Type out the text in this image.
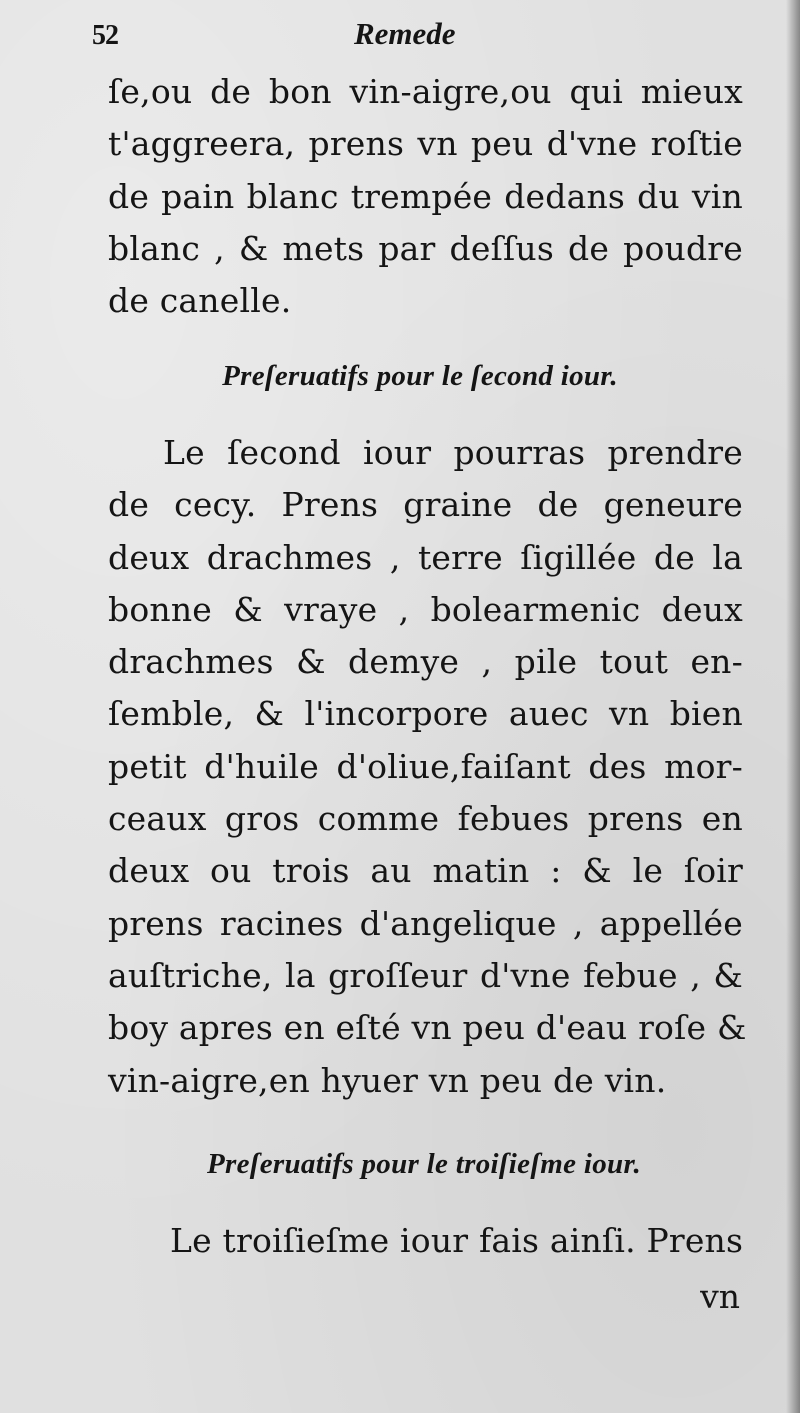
52	Remede

ſe,ou de bon vin-aigre,ou qui mieux
t'aggreera, prens vn peu d'vne roſtie
de pain blanc trempée dedans du vin
blanc , & mets par deſſus de poudre
de canelle.

Preſeruatifs pour le ſecond iour.

Le ſecond iour pourras prendre
de cecy. Prens graine de geneure
deux drachmes , terre ſigillée de la
bonne & vraye , bolearmenic deux
drachmes & demye , pile tout en-
ſemble, & l'incorpore auec vn bien
petit d'huile d'oliue,faiſant des mor-
ceaux gros comme febues prens en
deux ou trois au matin : & le ſoir
prens racines d'angelique , appellée
auſtriche, la groſſeur d'vne febue , &
boy apres en eſté vn peu d'eau roſe &
vin-aigre,en hyuer vn peu de vin.

Preſeruatifs pour le troiſieſme iour.

Le troiſieſme iour fais ainſi. Prens

vn
